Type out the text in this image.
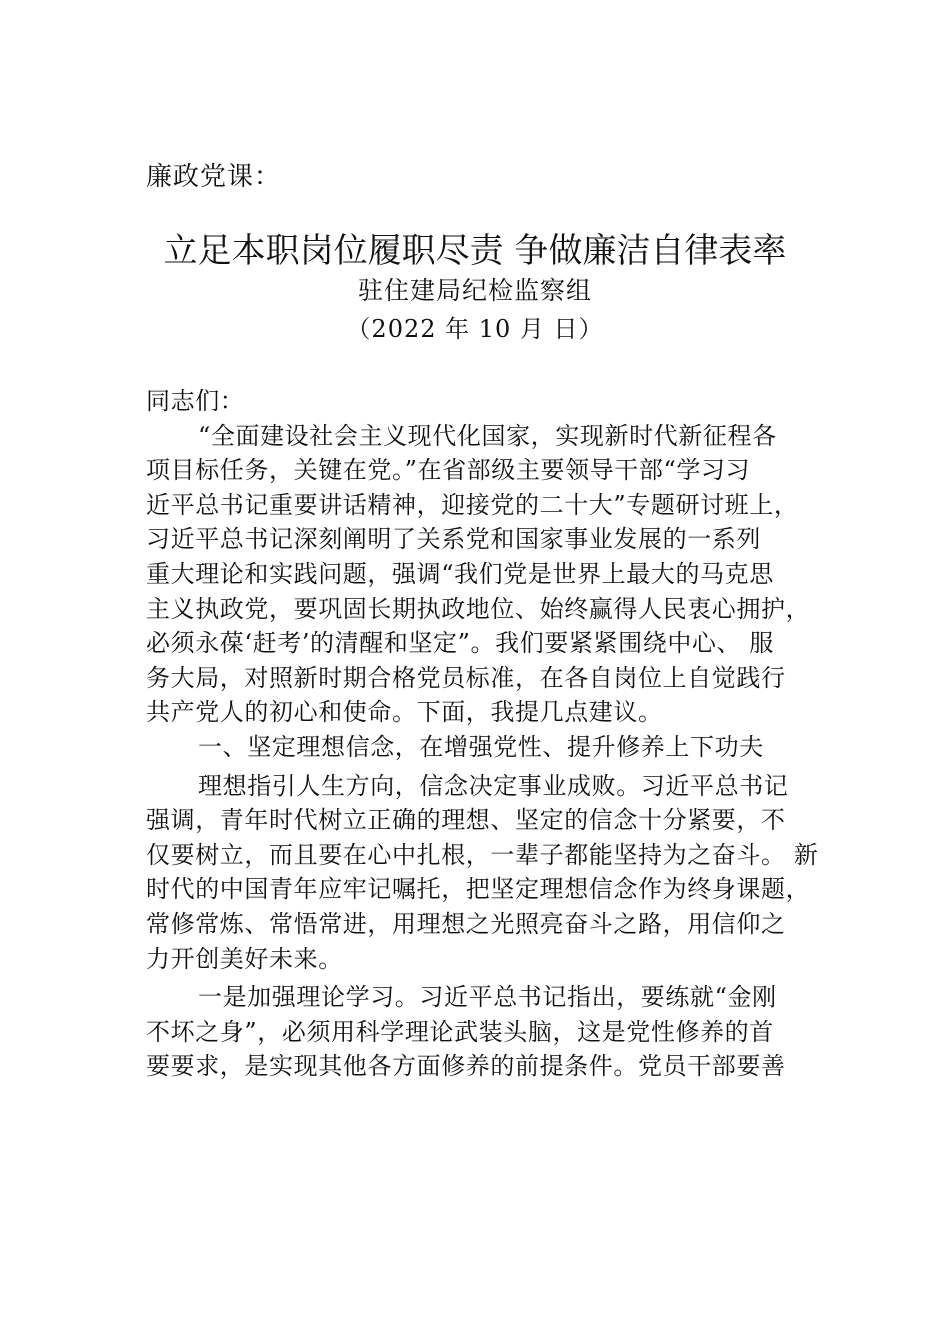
廉政党课：
立足本职岗位履职尽责 争做廉洁自律表率
驻住建局纪检监察组
（2022 年 10 月 日）
同志们：
“全面建设社会主义现代化国家，实现新时代新征程各
项目标任务，关键在党。”在省部级主要领导干部“学习习
近平总书记重要讲话精神，迎接党的二十大”专题研讨班上，
习近平总书记深刻阐明了关系党和国家事业发展的一系列
重大理论和实践问题，强调“我们党是世界上最大的马克思
主义执政党，要巩固长期执政地位、始终赢得人民衷心拥护，
必须永葆‘赶考’的清醒和坚定”。我们要紧紧围绕中心、 服
务大局，对照新时期合格党员标准，在各自岗位上自觉践行
共产党人的初心和使命。下面，我提几点建议。
一、坚定理想信念，在增强党性、提升修养上下功夫
理想指引人生方向，信念决定事业成败。习近平总书记
强调，青年时代树立正确的理想、坚定的信念十分紧要，不
仅要树立，而且要在心中扎根，一辈子都能坚持为之奋斗。 新
时代的中国青年应牢记嘱托，把坚定理想信念作为终身课题，
常修常炼、常悟常进，用理想之光照亮奋斗之路，用信仰之
力开创美好未来。
一是加强理论学习。习近平总书记指出，要练就“金刚
不坏之身”，必须用科学理论武装头脑，这是党性修养的首
要要求，是实现其他各方面修养的前提条件。党员干部要善
